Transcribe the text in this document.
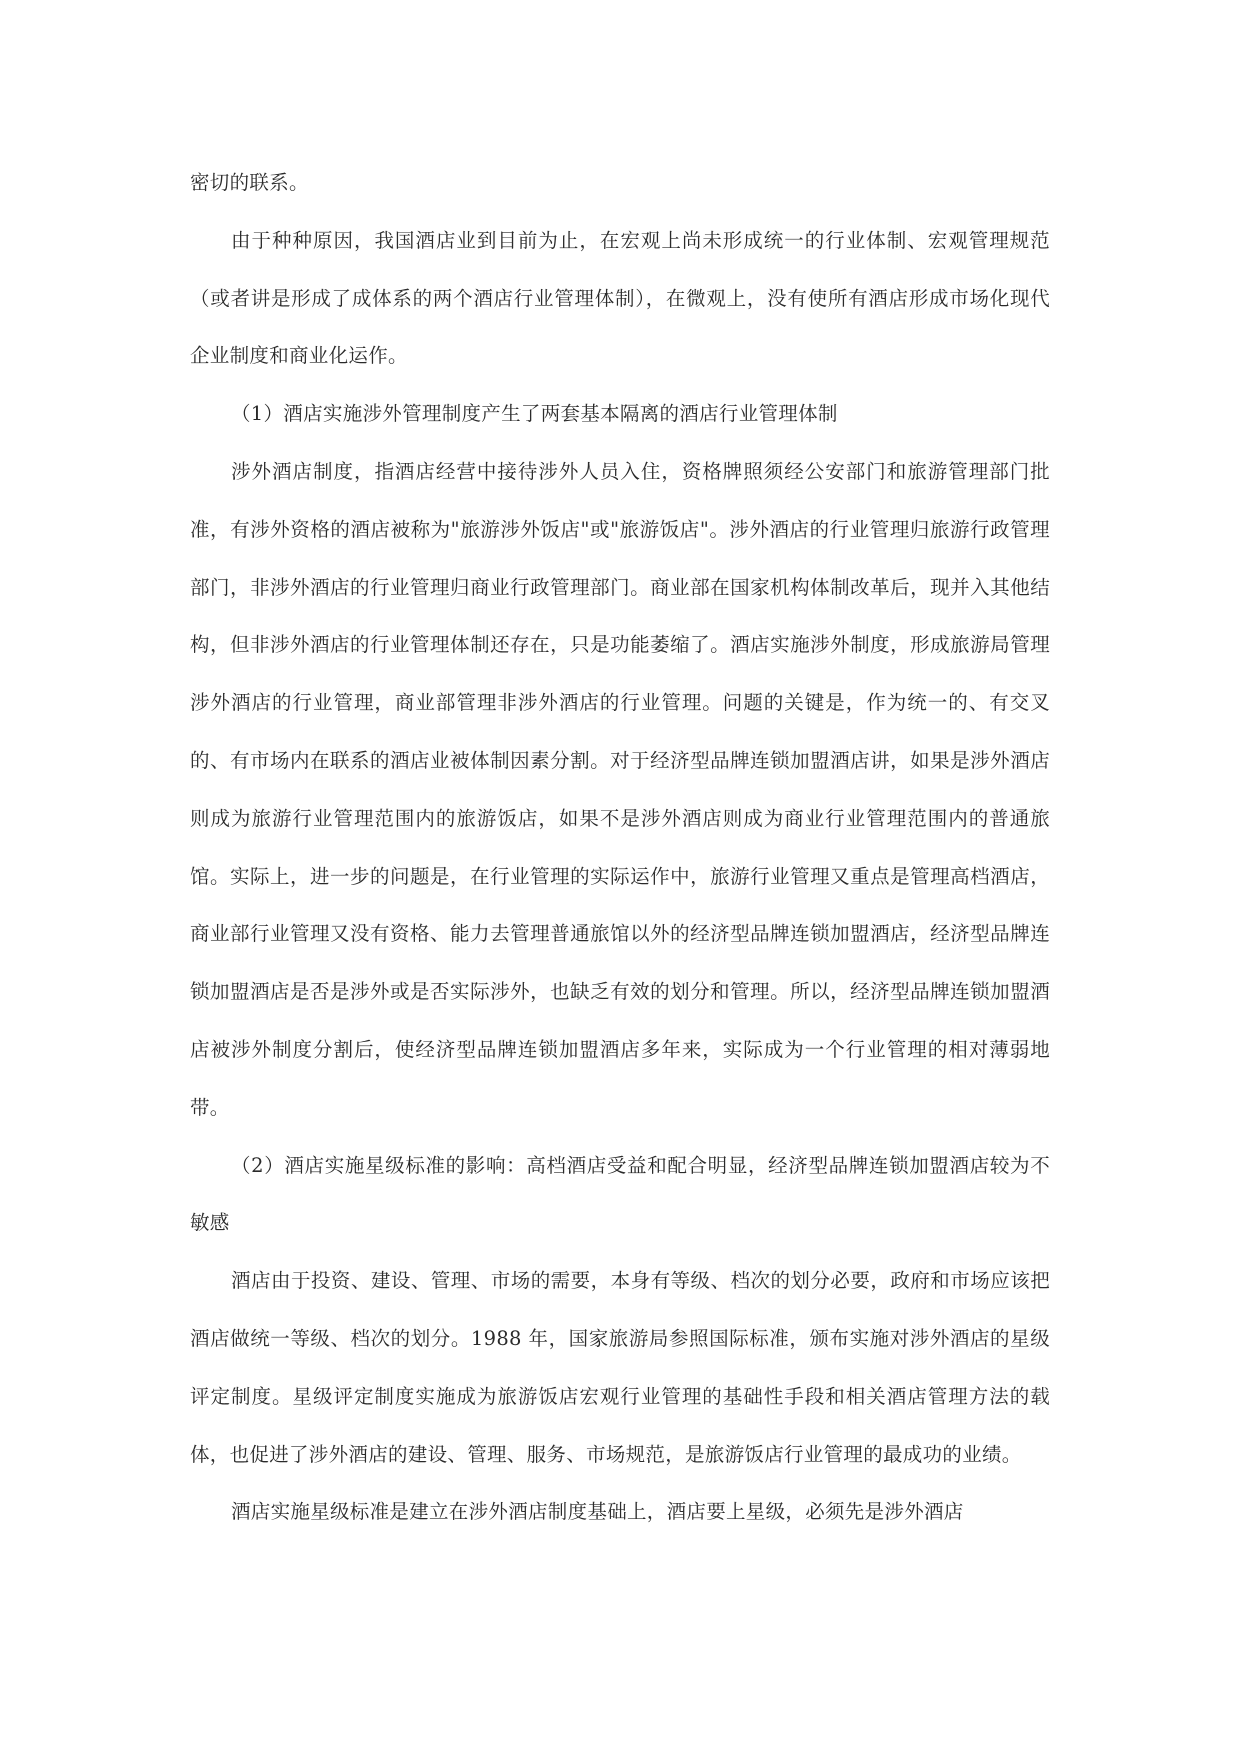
密切的联系。

由于种种原因，我国酒店业到目前为止，在宏观上尚未形成统一的行业体制、宏观管理规范（或者讲是形成了成体系的两个酒店行业管理体制），在微观上，没有使所有酒店形成市场化现代企业制度和商业化运作。

（1）酒店实施涉外管理制度产生了两套基本隔离的酒店行业管理体制

涉外酒店制度，指酒店经营中接待涉外人员入住，资格牌照须经公安部门和旅游管理部门批准，有涉外资格的酒店被称为"旅游涉外饭店"或"旅游饭店"。涉外酒店的行业管理归旅游行政管理部门，非涉外酒店的行业管理归商业行政管理部门。商业部在国家机构体制改革后，现并入其他结构，但非涉外酒店的行业管理体制还存在，只是功能萎缩了。酒店实施涉外制度，形成旅游局管理涉外酒店的行业管理，商业部管理非涉外酒店的行业管理。问题的关键是，作为统一的、有交叉的、有市场内在联系的酒店业被体制因素分割。对于经济型品牌连锁加盟酒店讲，如果是涉外酒店则成为旅游行业管理范围内的旅游饭店，如果不是涉外酒店则成为商业行业管理范围内的普通旅馆。实际上，进一步的问题是，在行业管理的实际运作中，旅游行业管理又重点是管理高档酒店，商业部行业管理又没有资格、能力去管理普通旅馆以外的经济型品牌连锁加盟酒店，经济型品牌连锁加盟酒店是否是涉外或是否实际涉外，也缺乏有效的划分和管理。所以，经济型品牌连锁加盟酒店被涉外制度分割后，使经济型品牌连锁加盟酒店多年来，实际成为一个行业管理的相对薄弱地带。

（2）酒店实施星级标准的影响：高档酒店受益和配合明显，经济型品牌连锁加盟酒店较为不敏感

酒店由于投资、建设、管理、市场的需要，本身有等级、档次的划分必要，政府和市场应该把酒店做统一等级、档次的划分。1988 年，国家旅游局参照国际标准，颁布实施对涉外酒店的星级评定制度。星级评定制度实施成为旅游饭店宏观行业管理的基础性手段和相关酒店管理方法的载体，也促进了涉外酒店的建设、管理、服务、市场规范，是旅游饭店行业管理的最成功的业绩。

酒店实施星级标准是建立在涉外酒店制度基础上，酒店要上星级，必须先是涉外酒店
